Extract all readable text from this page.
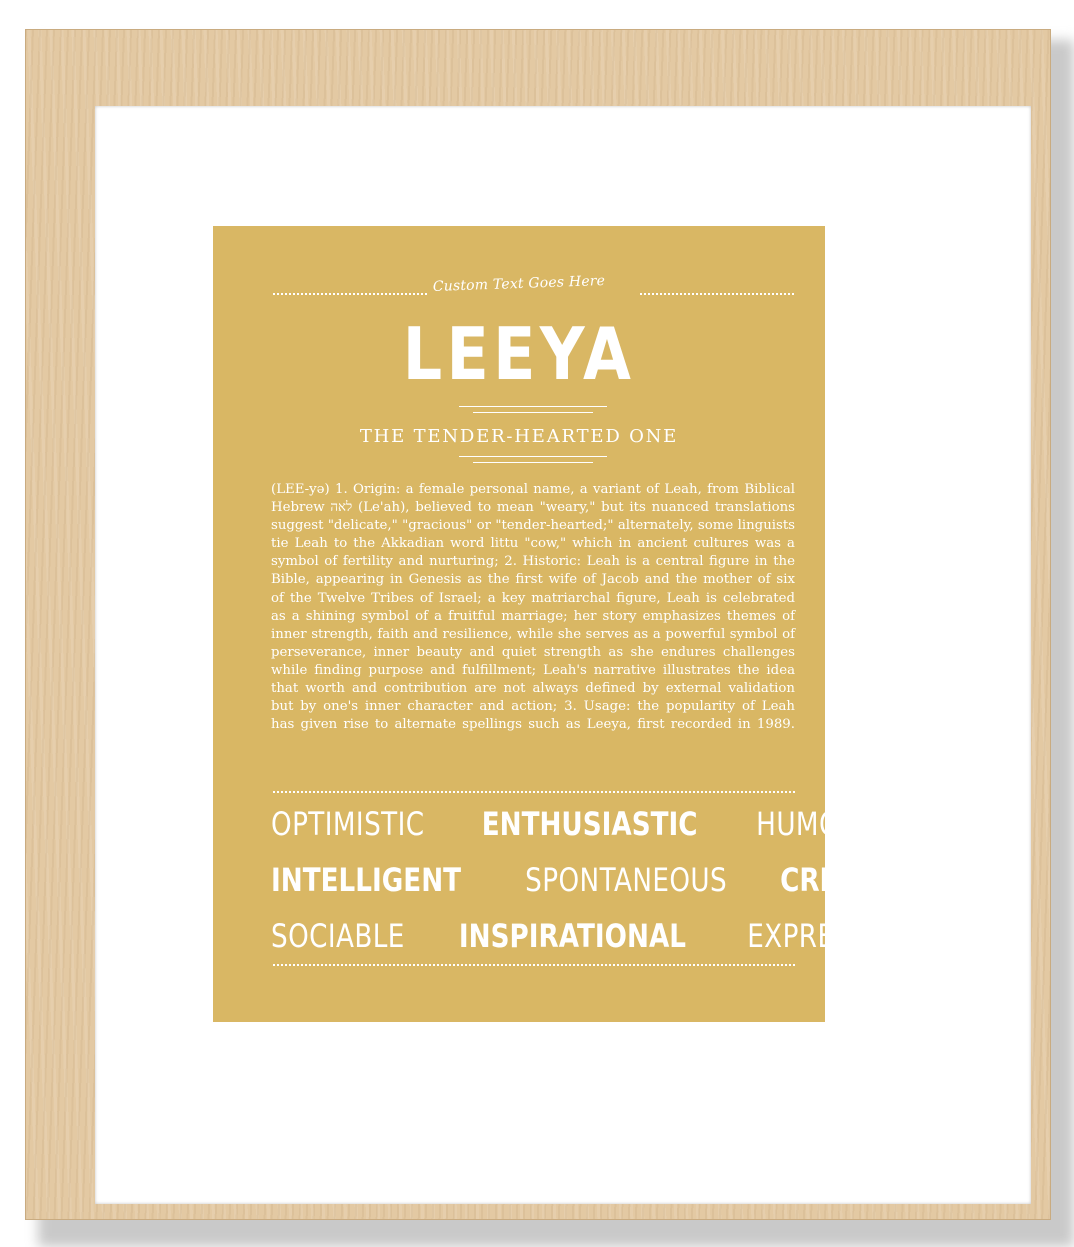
Custom Text Goes Here
LEEYA
THE TENDER-HEARTED ONE

(LEE-yə) 1. Origin: a female personal name, a variant of Leah, from Biblical
Hebrew לאה (Le'ah), believed to mean "weary," but its nuanced translations
suggest "delicate," "gracious" or "tender-hearted;" alternately, some linguists
tie Leah to the Akkadian word littu "cow," which in ancient cultures was a
symbol of fertility and nurturing; 2. Historic: Leah is a central figure in the
Bible, appearing in Genesis as the first wife of Jacob and the mother of six
of the Twelve Tribes of Israel; a key matriarchal figure, Leah is celebrated
as a shining symbol of a fruitful marriage; her story emphasizes themes of
inner strength, faith and resilience, while she serves as a powerful symbol of
perseverance, inner beauty and quiet strength as she endures challenges
while finding purpose and fulfillment; Leah's narrative illustrates the idea
that worth and contribution are not always defined by external validation
but by one's inner character and action; 3. Usage: the popularity of Leah
has given rise to alternate spellings such as Leeya, first recorded in 1989.

OPTIMISTIC ENTHUSIASTIC HUMOROUS
INTELLIGENT SPONTANEOUS CREATIVE
SOCIABLE INSPIRATIONAL EXPRESSIVE
